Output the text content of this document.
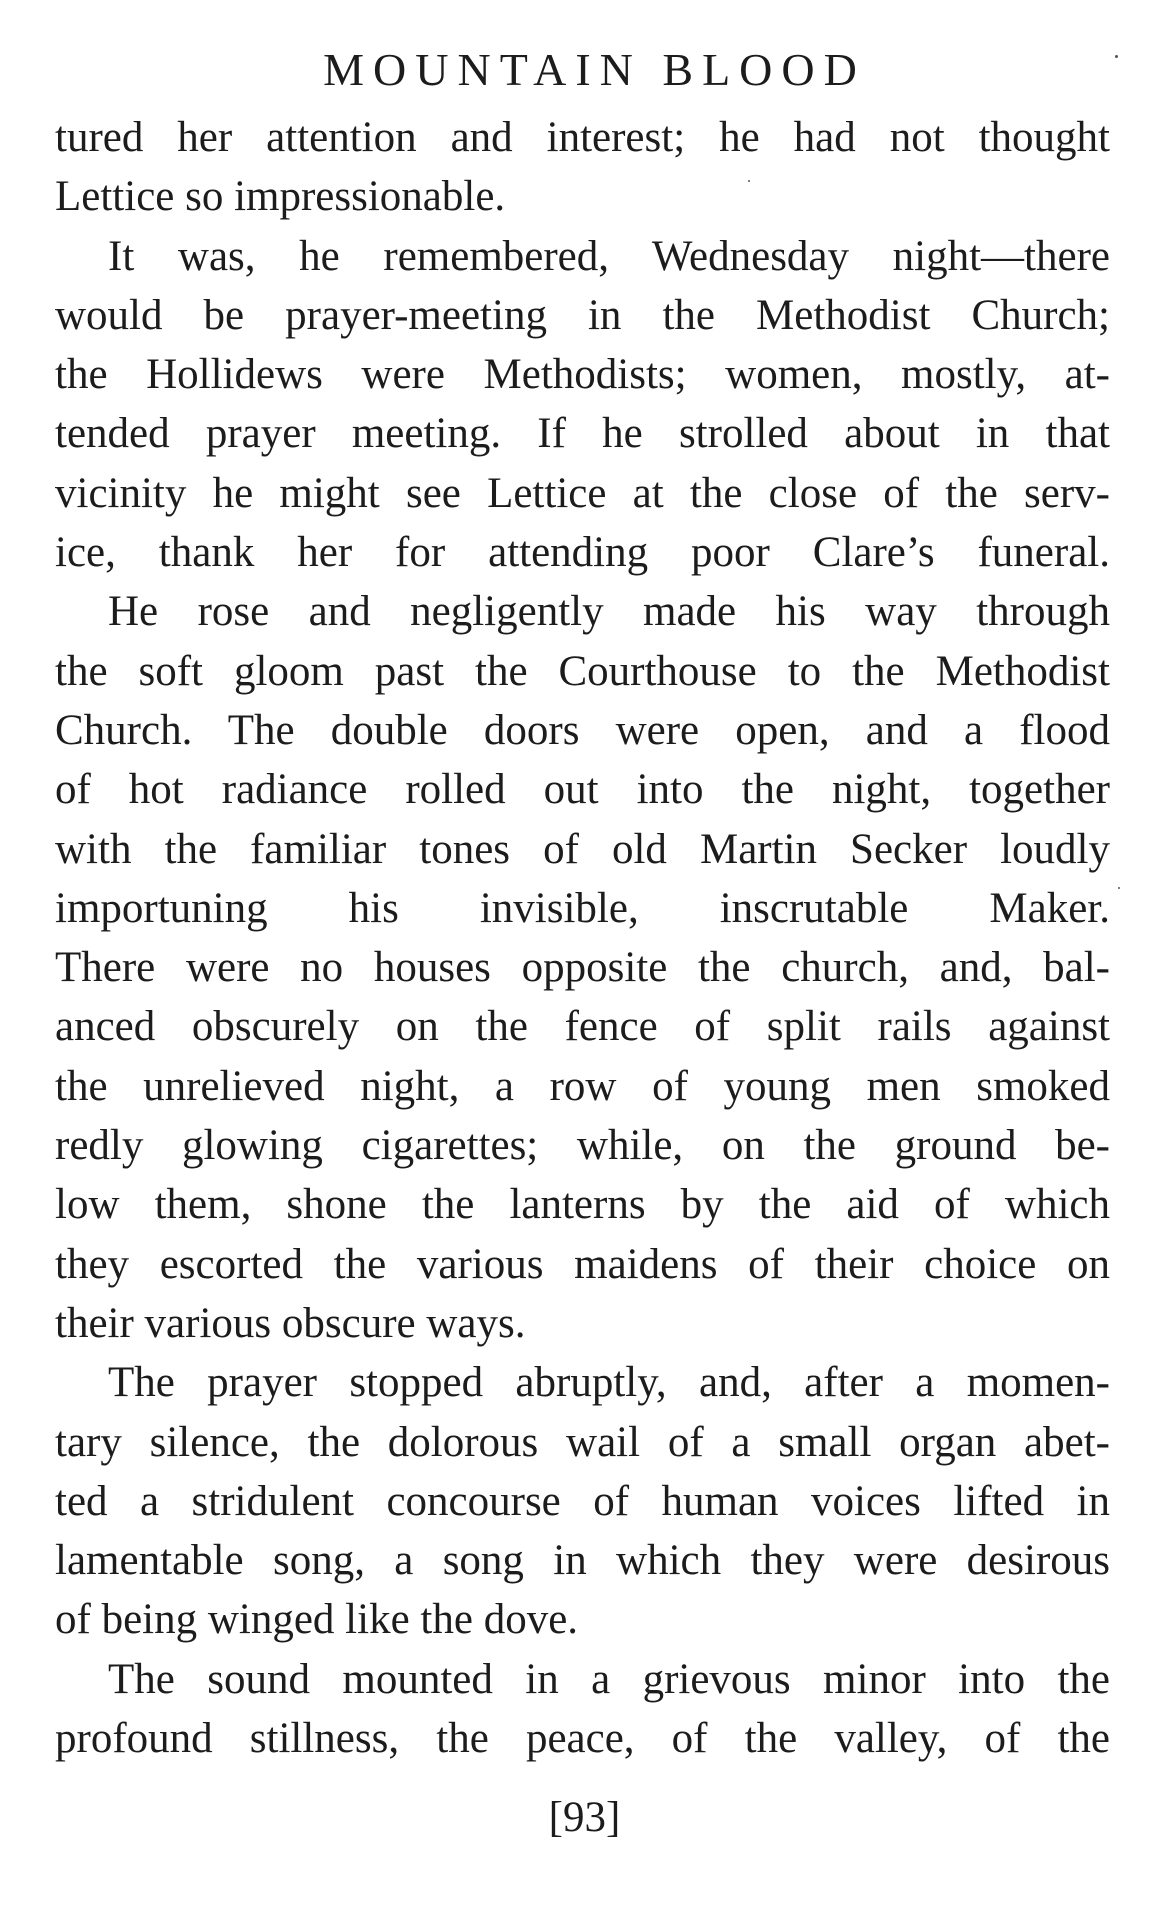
MOUNTAIN BLOOD

tured her attention and interest; he had not thought
Lettice so impressionable.

It was, he remembered, Wednesday night—there
would be prayer-meeting in the Methodist Church;
the Hollidews were Methodists; women, mostly, at-
tended prayer meeting. If he strolled about in that
vicinity he might see Lettice at the close of the serv-
ice, thank her for attending poor Clare’s funeral.

He rose and negligently made his way through
the soft gloom past the Courthouse to the Methodist
Church. The double doors were open, and a flood
of hot radiance rolled out into the night, together
with the familiar tones of old Martin Secker loudly
importuning his invisible, inscrutable Maker.
There were no houses opposite the church, and, bal-
anced obscurely on the fence of split rails against
the unrelieved night, a row of young men smoked
redly glowing cigarettes; while, on the ground be-
low them, shone the lanterns by the aid of which
they escorted the various maidens of their choice on
their various obscure ways.

The prayer stopped abruptly, and, after a momen-
tary silence, the dolorous wail of a small organ abet-
ted a stridulent concourse of human voices lifted in
lamentable song, a song in which they were desirous
of being winged like the dove.

The sound mounted in a grievous minor into the
profound stillness, the peace, of the valley, of the

[93]
